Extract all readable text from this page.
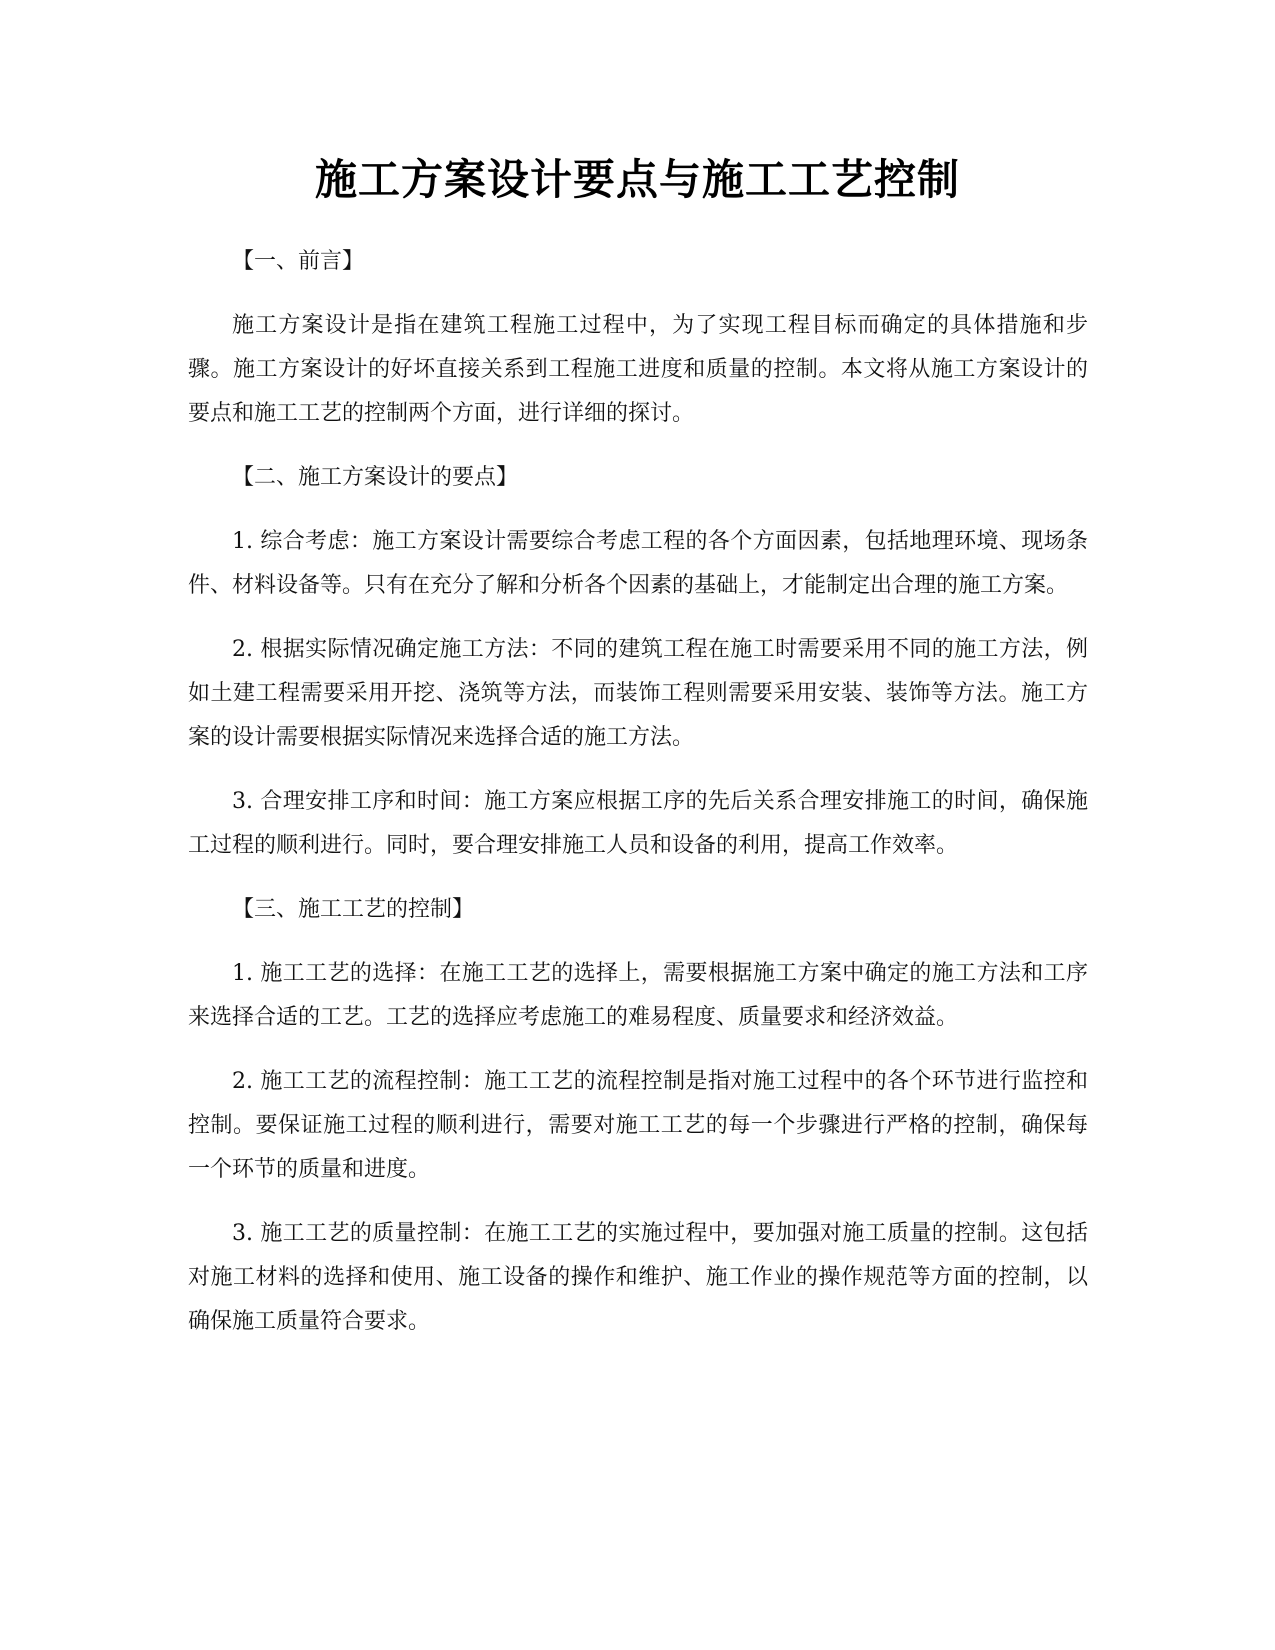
施工方案设计要点与施工工艺控制

【一、前言】

施工方案设计是指在建筑工程施工过程中，为了实现工程目标而确定的具体措施和步骤。施工方案设计的好坏直接关系到工程施工进度和质量的控制。本文将从施工方案设计的要点和施工工艺的控制两个方面，进行详细的探讨。

【二、施工方案设计的要点】

1. 综合考虑：施工方案设计需要综合考虑工程的各个方面因素，包括地理环境、现场条件、材料设备等。只有在充分了解和分析各个因素的基础上，才能制定出合理的施工方案。

2. 根据实际情况确定施工方法：不同的建筑工程在施工时需要采用不同的施工方法，例如土建工程需要采用开挖、浇筑等方法，而装饰工程则需要采用安装、装饰等方法。施工方案的设计需要根据实际情况来选择合适的施工方法。

3. 合理安排工序和时间：施工方案应根据工序的先后关系合理安排施工的时间，确保施工过程的顺利进行。同时，要合理安排施工人员和设备的利用，提高工作效率。

【三、施工工艺的控制】

1. 施工工艺的选择：在施工工艺的选择上，需要根据施工方案中确定的施工方法和工序来选择合适的工艺。工艺的选择应考虑施工的难易程度、质量要求和经济效益。

2. 施工工艺的流程控制：施工工艺的流程控制是指对施工过程中的各个环节进行监控和控制。要保证施工过程的顺利进行，需要对施工工艺的每一个步骤进行严格的控制，确保每一个环节的质量和进度。

3. 施工工艺的质量控制：在施工工艺的实施过程中，要加强对施工质量的控制。这包括对施工材料的选择和使用、施工设备的操作和维护、施工作业的操作规范等方面的控制，以确保施工质量符合要求。
